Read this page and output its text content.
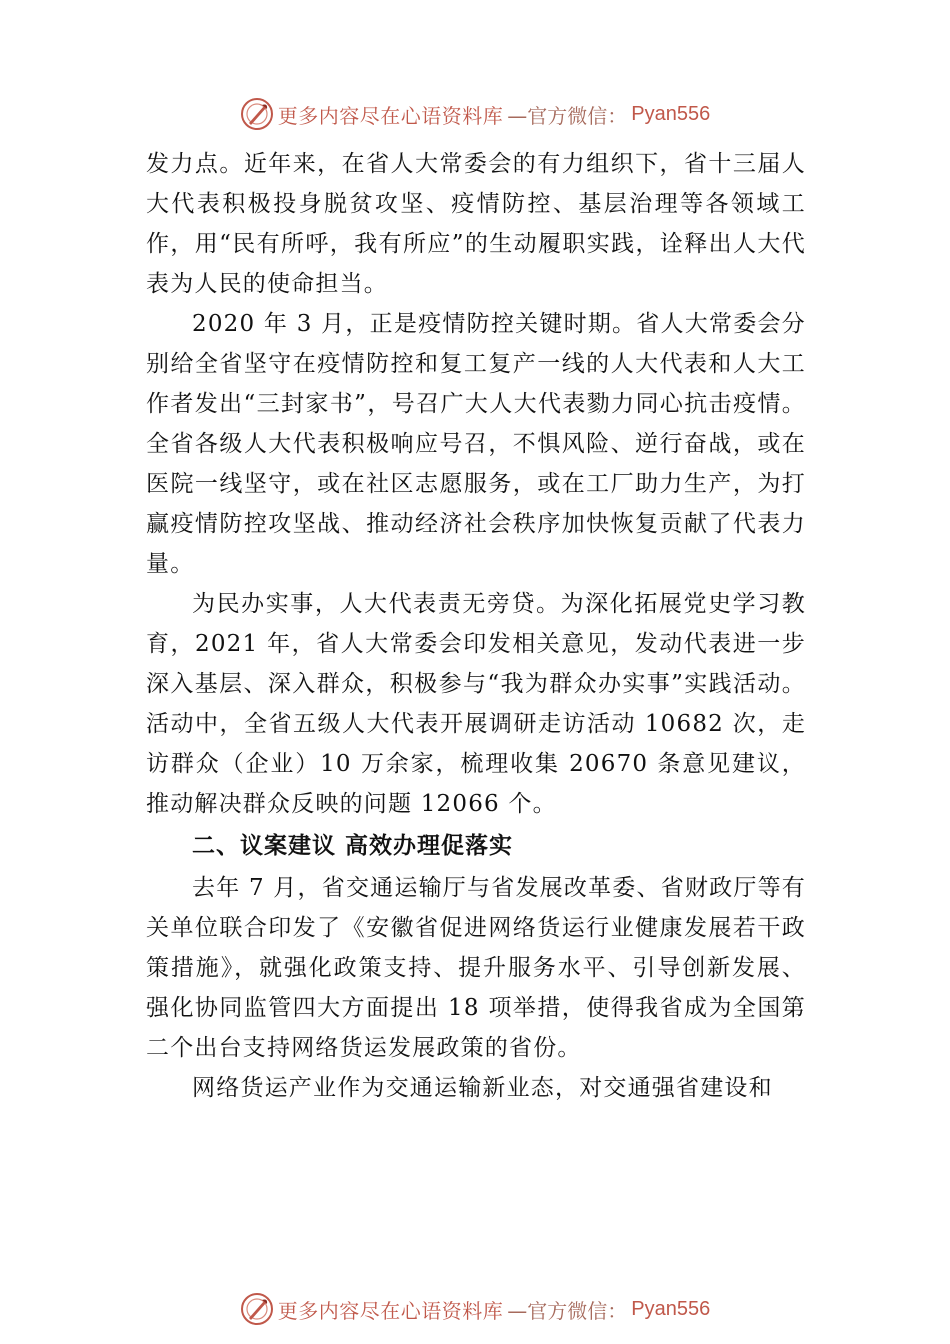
更多内容尽在心语资料库 —官方微信： Pyan556

发力点。近年来，在省人大常委会的有力组织下，省十三届人大代表积极投身脱贫攻坚、疫情防控、基层治理等各领域工作，用“民有所呼，我有所应”的生动履职实践，诠释出人大代表为人民的使命担当。

2020 年 3 月，正是疫情防控关键时期。省人大常委会分别给全省坚守在疫情防控和复工复产一线的人大代表和人大工作者发出“三封家书”，号召广大人大代表勠力同心抗击疫情。全省各级人大代表积极响应号召，不惧风险、逆行奋战，或在医院一线坚守，或在社区志愿服务，或在工厂助力生产，为打赢疫情防控攻坚战、推动经济社会秩序加快恢复贡献了代表力量。

为民办实事，人大代表责无旁贷。为深化拓展党史学习教育，2021 年，省人大常委会印发相关意见，发动代表进一步深入基层、深入群众，积极参与“我为群众办实事”实践活动。活动中，全省五级人大代表开展调研走访活动 10682 次，走访群众（企业）10 万余家，梳理收集 20670 条意见建议，推动解决群众反映的问题 12066 个。

二、议案建议 高效办理促落实

去年 7 月，省交通运输厅与省发展改革委、省财政厅等有关单位联合印发了《安徽省促进网络货运行业健康发展若干政策措施》，就强化政策支持、提升服务水平、引导创新发展、强化协同监管四大方面提出 18 项举措，使得我省成为全国第二个出台支持网络货运发展政策的省份。

网络货运产业作为交通运输新业态，对交通强省建设和

更多内容尽在心语资料库 —官方微信： Pyan556
